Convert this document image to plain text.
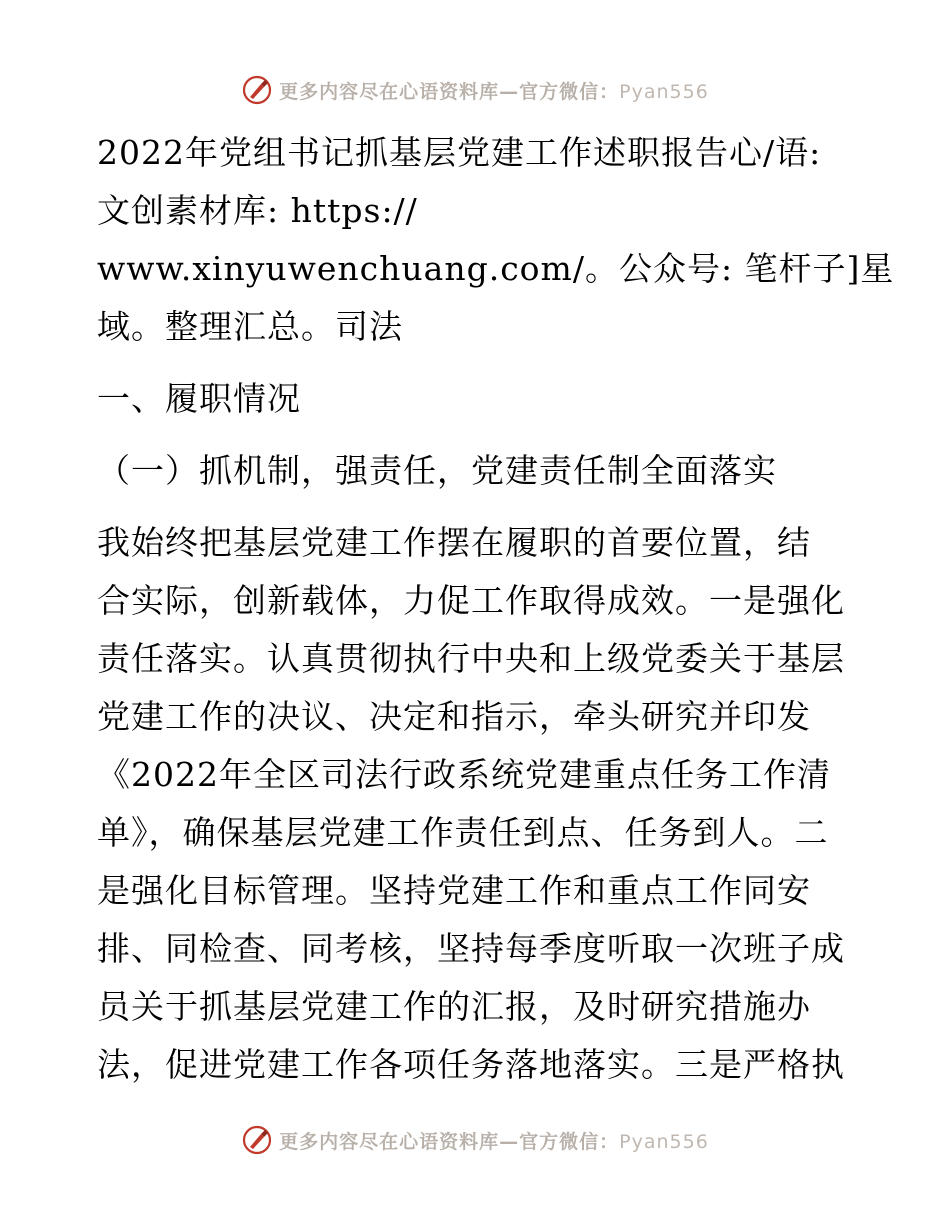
更多内容尽在心语资料库—官方微信：Pyan556
2022年党组书记抓基层党建工作述职报告心/语:
文创素材库: https://
www.xinyuwenchuang.com/。公众号: 笔杆子]星
域。整理汇总。司法
一、履职情况
（一）抓机制，强责任，党建责任制全面落实
我始终把基层党建工作摆在履职的首要位置，结
合实际，创新载体，力促工作取得成效。一是强化
责任落实。认真贯彻执行中央和上级党委关于基层
党建工作的决议、决定和指示，牵头研究并印发
《2022年全区司法行政系统党建重点任务工作清
单》，确保基层党建工作责任到点、任务到人。二
是强化目标管理。坚持党建工作和重点工作同安
排、同检查、同考核，坚持每季度听取一次班子成
员关于抓基层党建工作的汇报，及时研究措施办
法，促进党建工作各项任务落地落实。三是严格执
更多内容尽在心语资料库—官方微信：Pyan556
